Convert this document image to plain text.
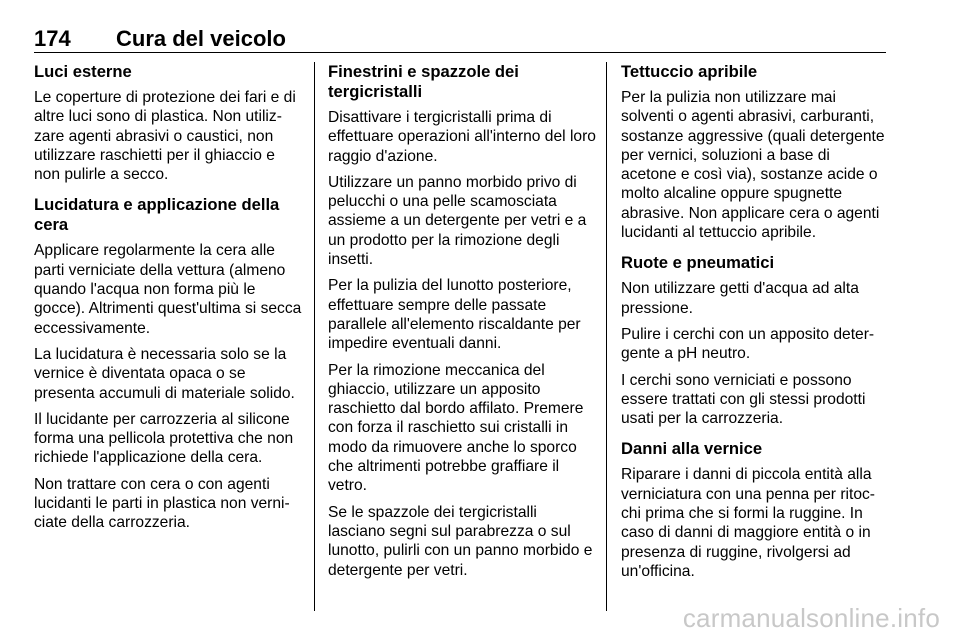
174 Cura del veicolo
Luci esterne

Le coperture di protezione dei fari e di altre luci sono di plastica. Non utilizzare agenti abrasivi o caustici, non utilizzare raschietti per il ghiaccio e non pulirle a secco.

Lucidatura e applicazione della cera

Applicare regolarmente la cera alle parti verniciate della vettura (almeno quando l'acqua non forma più le gocce). Altrimenti quest'ultima si secca eccessivamente.

La lucidatura è necessaria solo se la vernice è diventata opaca o se presenta accumuli di materiale solido.

Il lucidante per carrozzeria al silicone forma una pellicola protettiva che non richiede l'applicazione della cera.

Non trattare con cera o con agenti lucidanti le parti in plastica non verniciate della carrozzeria.

Finestrini e spazzole dei tergicristalli

Disattivare i tergicristalli prima di effettuare operazioni all'interno del loro raggio d'azione.

Utilizzare un panno morbido privo di pelucchi o una pelle scamosciata assieme a un detergente per vetri e a un prodotto per la rimozione degli insetti.

Per la pulizia del lunotto posteriore, effettuare sempre delle passate parallele all'elemento riscaldante per impedire eventuali danni.

Per la rimozione meccanica del ghiaccio, utilizzare un apposito raschietto dal bordo affilato. Premere con forza il raschietto sui cristalli in modo da rimuovere anche lo sporco che altrimenti potrebbe graffiare il vetro.

Se le spazzole dei tergicristalli lasciano segni sul parabrezza o sul lunotto, pulirli con un panno morbido e detergente per vetri.

Tettuccio apribile

Per la pulizia non utilizzare mai solventi o agenti abrasivi, carburanti, sostanze aggressive (quali detergente per vernici, soluzioni a base di acetone e così via), sostanze acide o molto alcaline oppure spugnette abrasive. Non applicare cera o agenti lucidanti al tettuccio apribile.

Ruote e pneumatici

Non utilizzare getti d'acqua ad alta pressione.

Pulire i cerchi con un apposito detergente a pH neutro.

I cerchi sono verniciati e possono essere trattati con gli stessi prodotti usati per la carrozzeria.

Danni alla vernice

Riparare i danni di piccola entità alla verniciatura con una penna per ritocchi prima che si formi la ruggine. In caso di danni di maggiore entità o in presenza di ruggine, rivolgersi ad un'officina.

carmanualsonline.info
